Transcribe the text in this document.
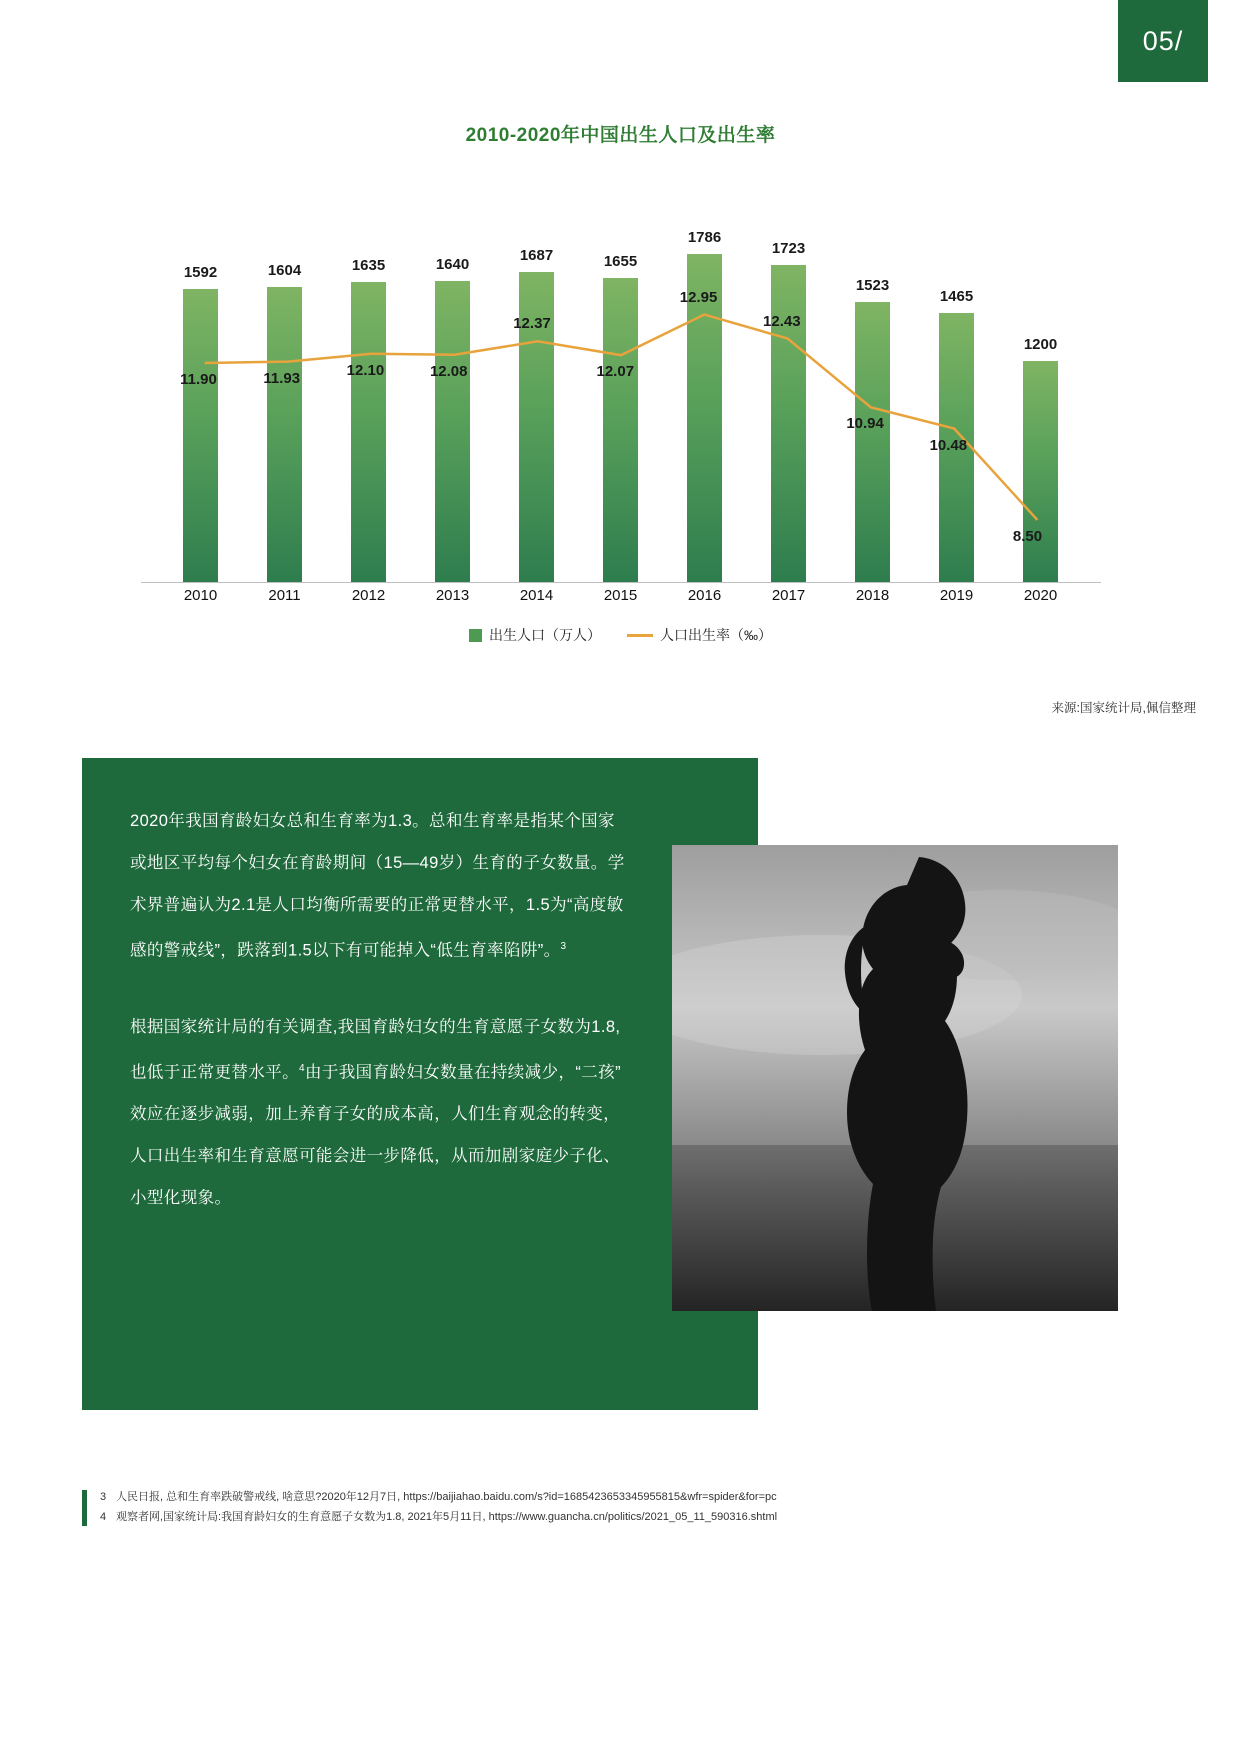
05/
2010-2020年中国出生人口及出生率
1592	1604	1635	1640
1687	1655
1786
1723
1523
1465
1200
11.90	11.93	12.10	12.08
12.37
12.07
12.95
12.43
10.94
10.48
8.50
2010	2011	2012	2013	2014	2015	2016	2017	2018	2019	2020
出生人口（万人）	人口出生率（‰）
来源:国家统计局,佩信整理

2020年我国育龄妇女总和生育率为1.3。总和生育率是指某个国家或地区平均每个妇女在育龄期间（15—49岁）生育的子女数量。学术界普遍认为2.1是人口均衡所需要的正常更替水平，1.5为“高度敏感的警戒线”，跌落到1.5以下有可能掉入“低生育率陷阱”。$^3$

根据国家统计局的有关调查,我国育龄妇女的生育意愿子女数为1.8,也低于正常更替水平。$^4$由于我国育龄妇女数量在持续减少，“二孩”效应在逐步减弱，加上养育子女的成本高，人们生育观念的转变，人口出生率和生育意愿可能会进一步降低，从而加剧家庭少子化、小型化现象。

3 人民日报, 总和生育率跌破警戒线, 啥意思?2020年12月7日, https://baijiahao.baidu.com/s?id=1685423653345955815&wfr=spider&for=pc
4 观察者网,国家统计局:我国育龄妇女的生育意愿子女数为1.8, 2021年5月11日, https://www.guancha.cn/politics/2021_05_11_590316.shtml
